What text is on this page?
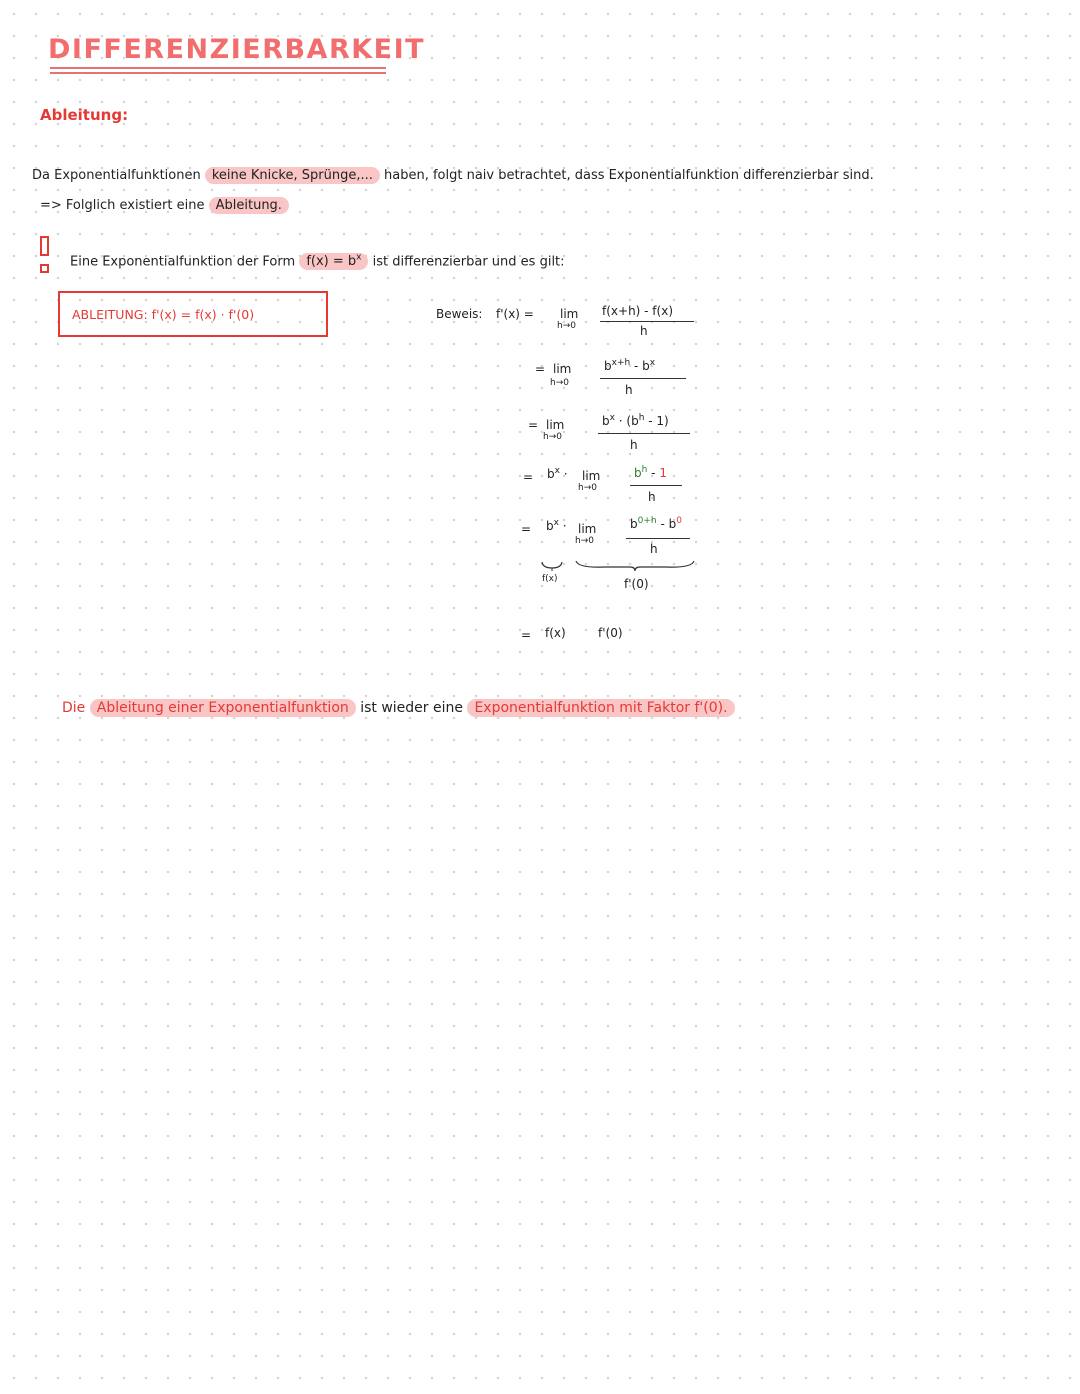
DIFFERENZIERBARKEIT
Ableitung:
Da Exponentialfunktionen keine Knicke, Sprünge,... haben, folgt naiv betrachtet, dass Exponentialfunktion differenzierbar sind.
=> Folglich existiert eine Ableitung.
Eine Exponentialfunktion der Form $f(x) = b^x$ ist differenzierbar und es gilt:
ABLEITUNG: f'(x) = f(x) · f'(0)	Beweis: f'(x) = lim
h→0
f(x+h) - f(x)
h
= lim
h→0
$b^{x+h} - b^x$
h
= lim
h→0
$b^x \cdot (b^h - 1)$
h
= $b^x \cdot \lim$
h→0
$b^h - 1$
h
= $b^x \cdot \lim$
h→0
$b^{0+h} - b^0$
h
f(x)	f'(0)
= f(x)	f'(0)
Die Ableitung einer Exponentialfunktion ist wieder eine Exponentialfunktion mit Faktor f'(0).
